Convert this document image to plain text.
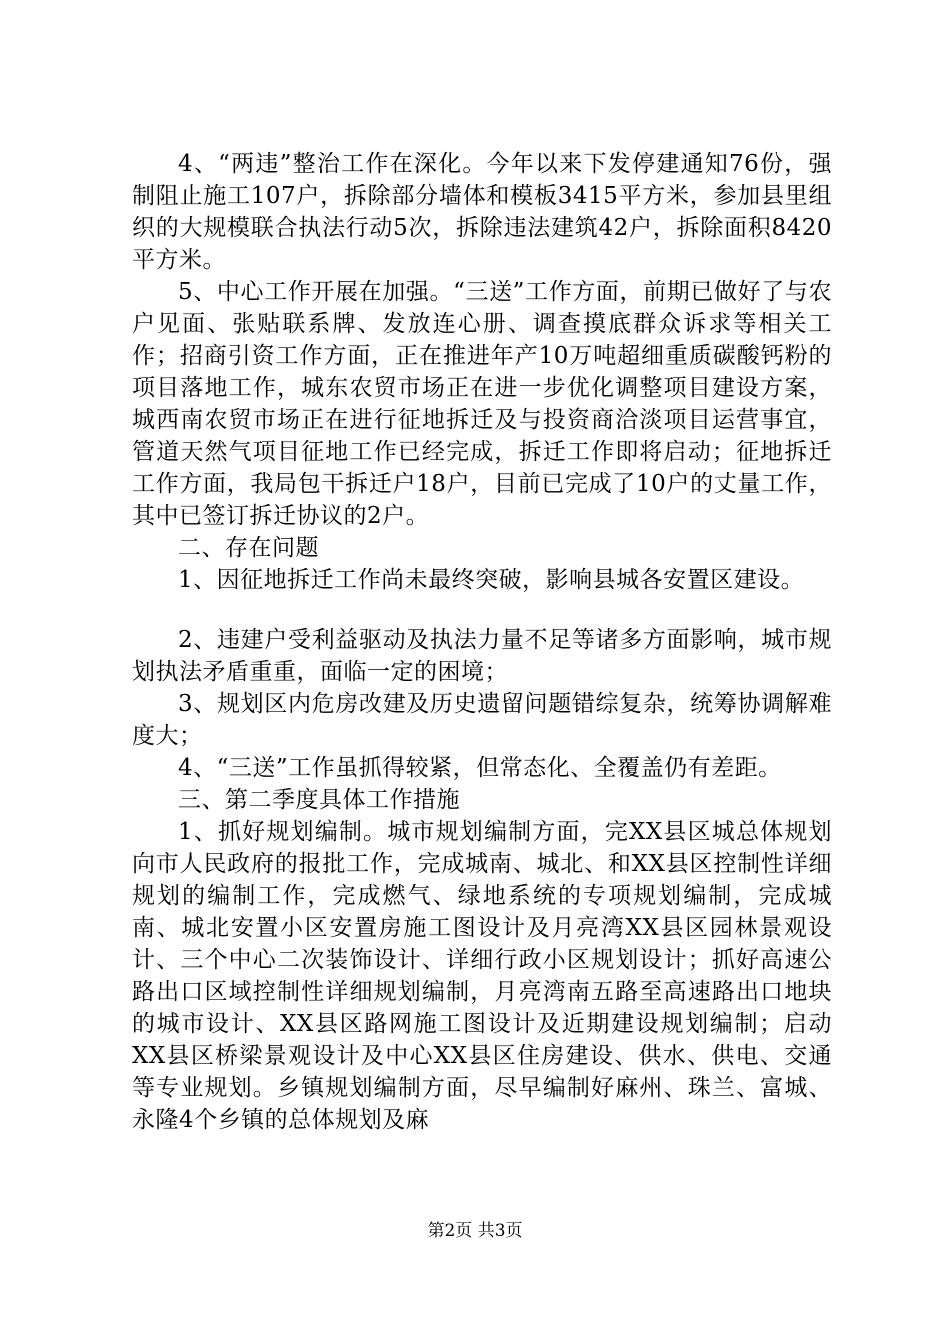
4、“两违”整治工作在深化。今年以来下发停建通知76份，强制阻止施工107户，拆除部分墙体和模板3415平方米，参加县里组织的大规模联合执法行动5次，拆除违法建筑42户，拆除面积8420平方米。

5、中心工作开展在加强。“三送”工作方面，前期已做好了与农户见面、张贴联系牌、发放连心册、调查摸底群众诉求等相关工作；招商引资工作方面，正在推进年产10万吨超细重质碳酸钙粉的项目落地工作，城东农贸市场正在进一步优化调整项目建设方案，城西南农贸市场正在进行征地拆迁及与投资商洽淡项目运营事宜，管道天然气项目征地工作已经完成，拆迁工作即将启动；征地拆迁工作方面，我局包干拆迁户18户，目前已完成了10户的丈量工作，其中已签订拆迁协议的2户。

二、存在问题

1、因征地拆迁工作尚未最终突破，影响县城各安置区建设。

2、违建户受利益驱动及执法力量不足等诸多方面影响，城市规划执法矛盾重重，面临一定的困境；

3、规划区内危房改建及历史遗留问题错综复杂，统筹协调解难度大；

4、“三送”工作虽抓得较紧，但常态化、全覆盖仍有差距。

三、第二季度具体工作措施

1、抓好规划编制。城市规划编制方面，完XX县区城总体规划向市人民政府的报批工作，完成城南、城北、和XX县区控制性详细规划的编制工作，完成燃气、绿地系统的专项规划编制，完成城南、城北安置小区安置房施工图设计及月亮湾XX县区园林景观设计、三个中心二次装饰设计、详细行政小区规划设计；抓好高速公路出口区域控制性详细规划编制，月亮湾南五路至高速路出口地块的城市设计、XX县区路网施工图设计及近期建设规划编制；启动XX县区桥梁景观设计及中心XX县区住房建设、供水、供电、交通等专业规划。乡镇规划编制方面，尽早编制好麻州、珠兰、富城、永隆4个乡镇的总体规划及麻

第2页 共3页
